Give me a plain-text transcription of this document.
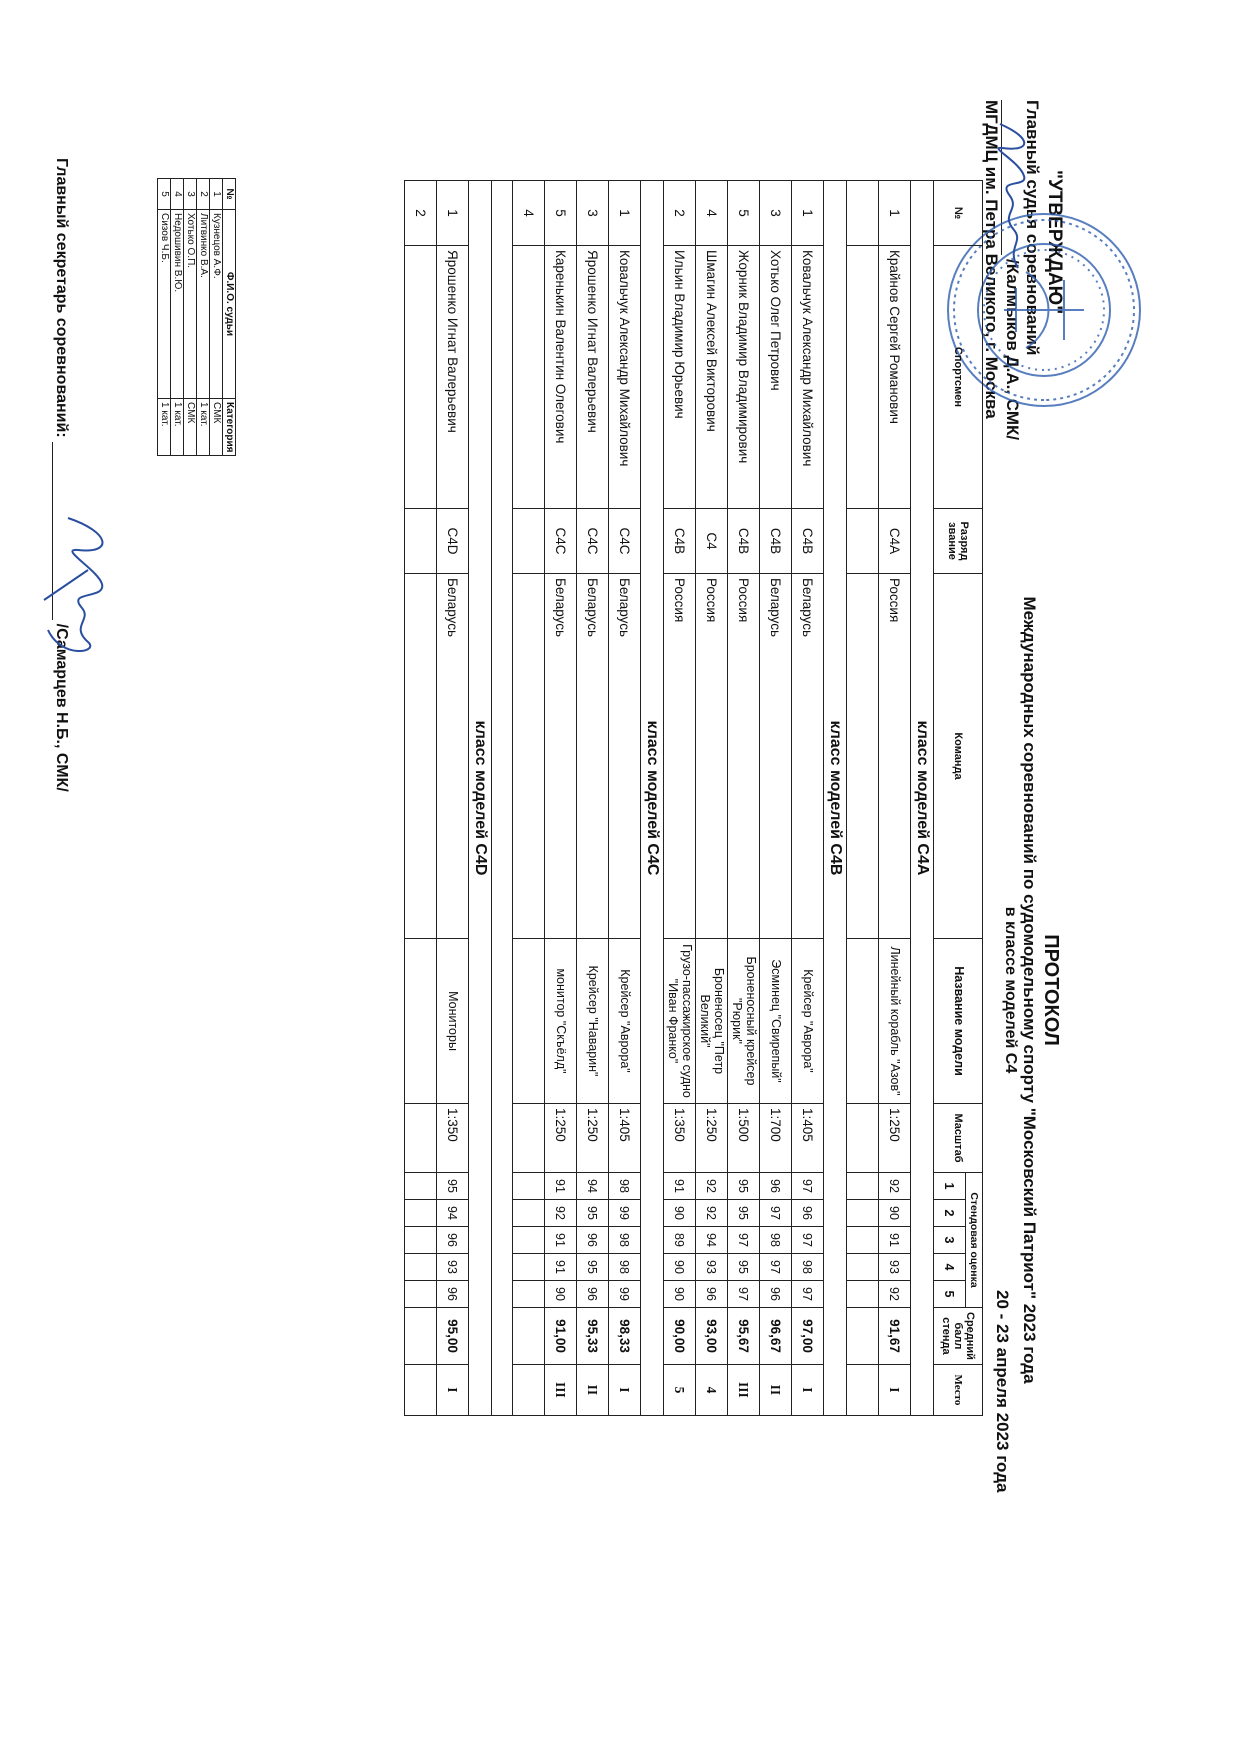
"УТВЕРЖДАЮ"
Главный судья соревнований
/Калмыков Д.А., СМК/
МГДМЦ им. Петра Великого, г. Москва
ПРОТОКОЛ
Международных соревнований по судомодельному спорту "Московский Патриот" 2023 года
в классе моделей С4
20 - 23 апреля 2023 года
№	Спортсмен	Разряд звание	Команда	Название модели	Масштаб	Стендовая оценка					Средний балл стенда	Место
						1	2	3	4	5		
класс моделей С4А												
1	Крайнов Сергей Романович	С4А	Россия	Линейный корабль "Азов"	1:250	92	90	91	93	92	91,67	I

класс моделей С4В												
1	Ковальчук Александр Михайлович	С4В	Беларусь	Крейсер "Аврора"	1:405	97	96	97	98	97	97,00	I
3	Хотько Олег Петрович	С4В	Беларусь	Эсминец "Свирепый"	1:700	96	97	98	97	96	96,67	II
5	Жорник Владимир Владимирович	С4В	Россия	Броненосный крейсер "Рюрик"	1:500	95	95	97	95	97	95,67	III
4	Шмагин Алексей Викторович	С4	Россия	Броненосец "Петр Великий"	1:250	92	92	94	93	96	93,00	4
2	Ильин Владимир Юрьевич	С4В	Россия	Грузо-пассажирское судно "Иван Франко"	1:350	91	90	89	90	90	90,00	5
класс моделей С4С												
1	Ковальчук Александр Михайлович	С4С	Беларусь	Крейсер "Аврора"	1:405	98	99	98	98	99	98,33	I
3	Ярошенко Игнат Валерьевич	С4С	Беларусь	Крейсер "Наварин"	1:250	94	95	96	95	96	95,33	II
5	Каренькин Валентин Олегович	С4С	Беларусь	монитор "Скъёлд"	1:250	91	92	91	91	90	91,00	III
4												

класс моделей С4D												
1	Ярошенко Игнат Валерьевич	С4D	Беларусь	Мониторы	1:350	95	94	96	93	96	95,00	I
2												
№	Ф.И.О. судьи	Категория
1	Кузнецов А.Ф.	СМК
2	Литвинко В.А.	1 кат.
3	Хотько О.П.	СМК
4	Недошивин В.Ю.	1 кат.
5	Сизов Ч.Б.	1 кат.
Главный секретарь соревнований:
/Самарцев Н.Б., СМК/
